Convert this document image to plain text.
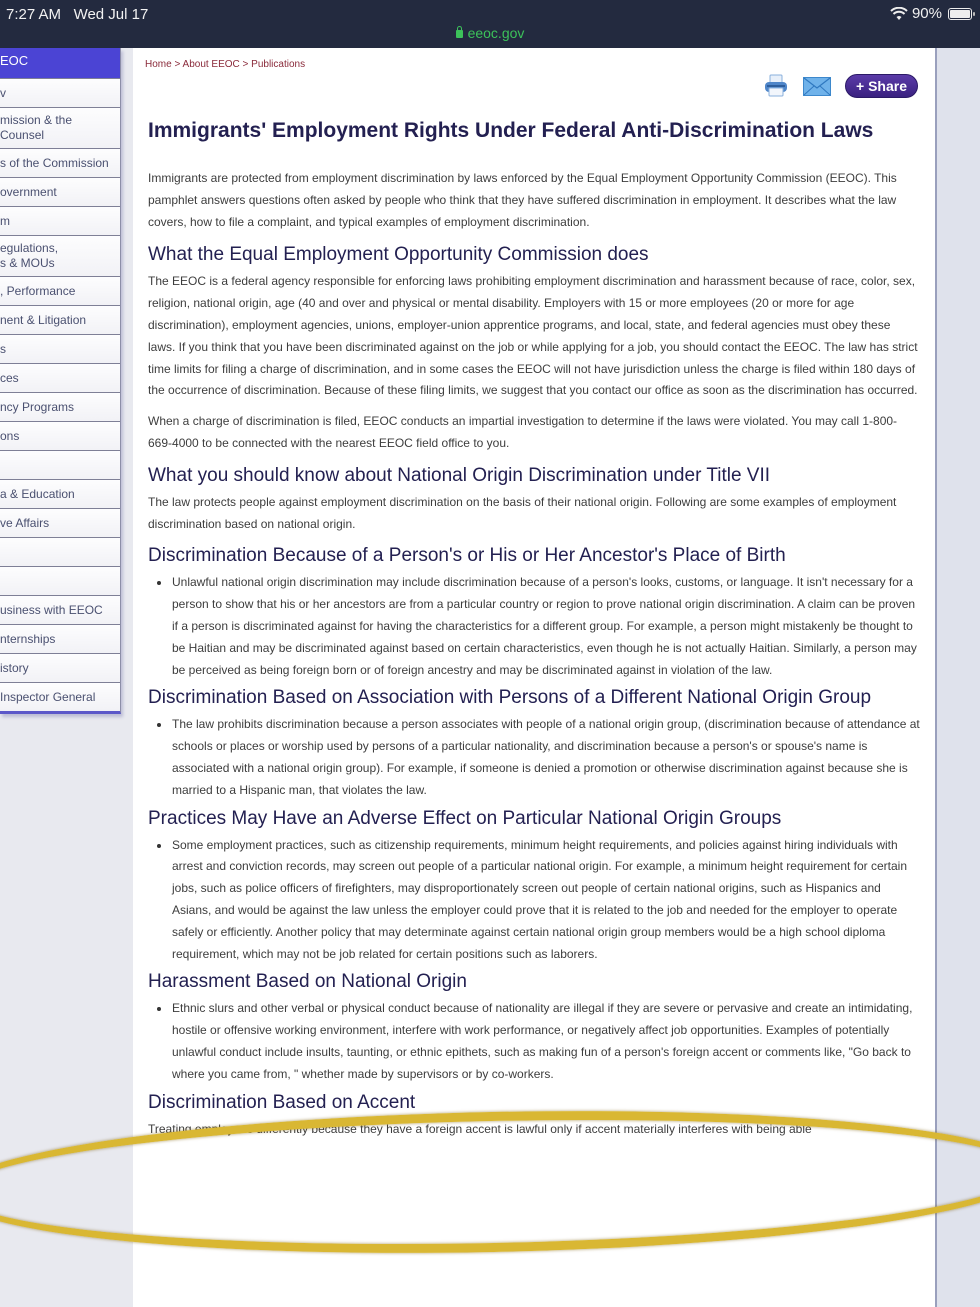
7:27 AM Wed Jul 17	90%
eeoc.gov
EOC
v
mission & the
Counsel
s of the Commission
overnment
m
egulations,
s & MOUs
, Performance
nent & Litigation
s
ces
ncy Programs
ons

a & Education
ve Affairs

usiness with EEOC
nternships
istory
Inspector General
Home > About EEOC > Publications
+ Share
Immigrants' Employment Rights Under Federal Anti-Discrimination Laws

Immigrants are protected from employment discrimination by laws enforced by the Equal Employment Opportunity Commission (EEOC). This pamphlet answers questions often asked by people who think that they have suffered discrimination in employment. It describes what the law covers, how to file a complaint, and typical examples of employment discrimination.

What the Equal Employment Opportunity Commission does

The EEOC is a federal agency responsible for enforcing laws prohibiting employment discrimination and harassment because of race, color, sex, religion, national origin, age (40 and over and physical or mental disability. Employers with 15 or more employees (20 or more for age discrimination), employment agencies, unions, employer-union apprentice programs, and local, state, and federal agencies must obey these laws. If you think that you have been discriminated against on the job or while applying for a job, you should contact the EEOC. The law has strict time limits for filing a charge of discrimination, and in some cases the EEOC will not have jurisdiction unless the charge is filed within 180 days of the occurrence of discrimination. Because of these filing limits, we suggest that you contact our office as soon as the discrimination has occurred.

When a charge of discrimination is filed, EEOC conducts an impartial investigation to determine if the laws were violated. You may call 1-800-669-4000 to be connected with the nearest EEOC field office to you.

What you should know about National Origin Discrimination under Title VII

The law protects people against employment discrimination on the basis of their national origin. Following are some examples of employment discrimination based on national origin.

Discrimination Because of a Person's or His or Her Ancestor's Place of Birth
Unlawful national origin discrimination may include discrimination because of a person's looks, customs, or language. It isn't necessary for a person to show that his or her ancestors are from a particular country or region to prove national origin discrimination. A claim can be proven if a person is discriminated against for having the characteristics for a different group. For example, a person might mistakenly be thought to be Haitian and may be discriminated against based on certain characteristics, even though he is not actually Haitian. Similarly, a person may be perceived as being foreign born or of foreign ancestry and may be discriminated against in violation of the law.
Discrimination Based on Association with Persons of a Different National Origin Group
The law prohibits discrimination because a person associates with people of a national origin group, (discrimination because of attendance at schools or places or worship used by persons of a particular nationality, and discrimination because a person's or spouse's name is associated with a national origin group). For example, if someone is denied a promotion or otherwise discrimination against because she is married to a Hispanic man, that violates the law.
Practices May Have an Adverse Effect on Particular National Origin Groups
Some employment practices, such as citizenship requirements, minimum height requirements, and policies against hiring individuals with arrest and conviction records, may screen out people of a particular national origin. For example, a minimum height requirement for certain jobs, such as police officers of firefighters, may disproportionately screen out people of certain national origins, such as Hispanics and Asians, and would be against the law unless the employer could prove that it is related to the job and needed for the employer to operate safely or efficiently. Another policy that may determinate against certain national origin group members would be a high school diploma requirement, which may not be job related for certain positions such as laborers.
Harassment Based on National Origin
Ethnic slurs and other verbal or physical conduct because of nationality are illegal if they are severe or pervasive and create an intimidating, hostile or offensive working environment, interfere with work performance, or negatively affect job opportunities. Examples of potentially unlawful conduct include insults, taunting, or ethnic epithets, such as making fun of a person's foreign accent or comments like, "Go back to where you came from, " whether made by supervisors or by co-workers.
Discrimination Based on Accent

Treating employees differently because they have a foreign accent is lawful only if accent materially interferes with being able
